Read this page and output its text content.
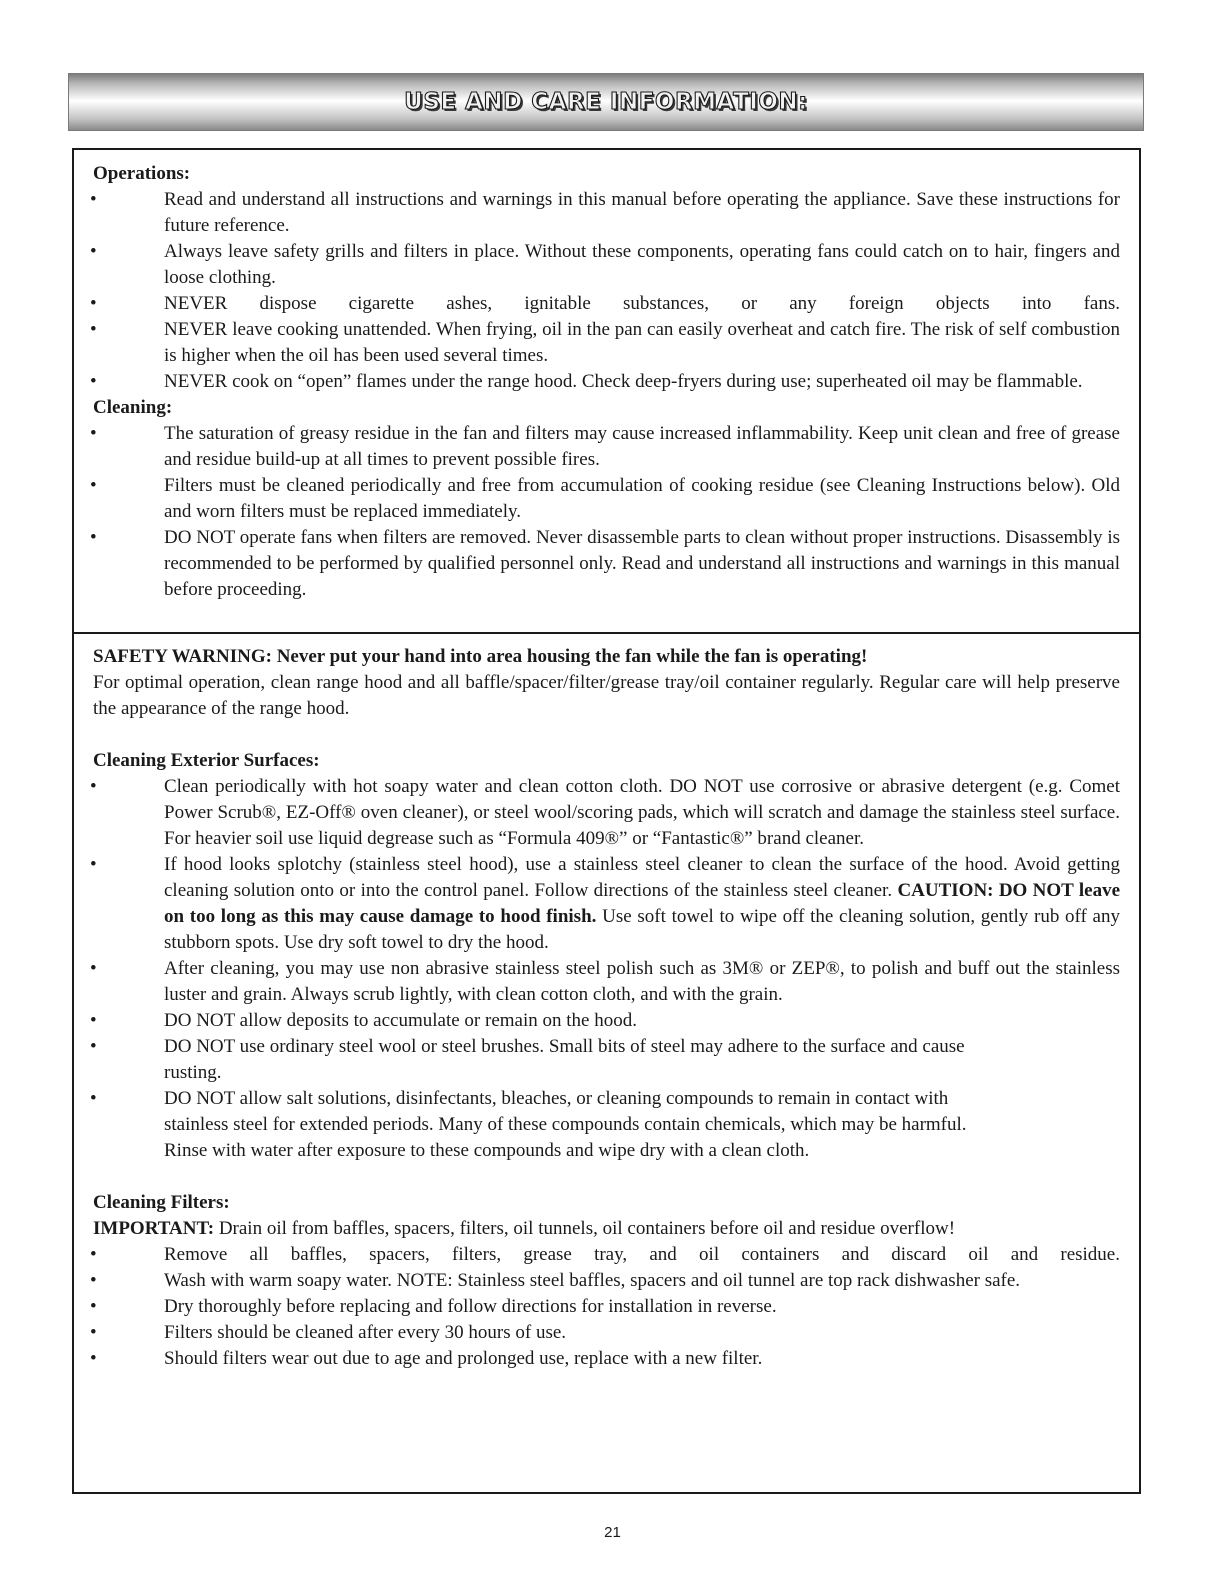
USE AND CARE INFORMATION:

Operations:

• Read and understand all instructions and warnings in this manual before operating the appliance. Save these instructions for future reference.
• Always leave safety grills and filters in place. Without these components, operating fans could catch on to hair, fingers and loose clothing.
• NEVER dispose cigarette ashes, ignitable substances, or any foreign objects into fans.
• NEVER leave cooking unattended. When frying, oil in the pan can easily overheat and catch fire. The risk of self combustion is higher when the oil has been used several times.
• NEVER cook on “open” flames under the range hood. Check deep-fryers during use; superheated oil may be flammable.

Cleaning:

• The saturation of greasy residue in the fan and filters may cause increased inflammability. Keep unit clean and free of grease and residue build-up at all times to prevent possible fires.
• Filters must be cleaned periodically and free from accumulation of cooking residue (see Cleaning Instructions below). Old and worn filters must be replaced immediately.
• DO NOT operate fans when filters are removed. Never disassemble parts to clean without proper instructions. Disassembly is recommended to be performed by qualified personnel only. Read and understand all instructions and warnings in this manual before proceeding.

SAFETY WARNING: Never put your hand into area housing the fan while the fan is operating!

For optimal operation, clean range hood and all baffle/spacer/filter/grease tray/oil container regularly. Regular care will help preserve the appearance of the range hood.

Cleaning Exterior Surfaces:

• Clean periodically with hot soapy water and clean cotton cloth. DO NOT use corrosive or abrasive detergent (e.g. Comet Power Scrub®, EZ-Off® oven cleaner), or steel wool/scoring pads, which will scratch and damage the stainless steel surface. For heavier soil use liquid degrease such as “Formula 409®” or “Fantastic®” brand cleaner.
• If hood looks splotchy (stainless steel hood), use a stainless steel cleaner to clean the surface of the hood. Avoid getting cleaning solution onto or into the control panel. Follow directions of the stainless steel cleaner. CAUTION: DO NOT leave on too long as this may cause damage to hood finish. Use soft towel to wipe off the cleaning solution, gently rub off any stubborn spots. Use dry soft towel to dry the hood.
• After cleaning, you may use non abrasive stainless steel polish such as 3M® or ZEP®, to polish and buff out the stainless luster and grain. Always scrub lightly, with clean cotton cloth, and with the grain.
• DO NOT allow deposits to accumulate or remain on the hood.
• DO NOT use ordinary steel wool or steel brushes. Small bits of steel may adhere to the surface and cause
rusting.
• DO NOT allow salt solutions, disinfectants, bleaches, or cleaning compounds to remain in contact with
stainless steel for extended periods. Many of these compounds contain chemicals, which may be harmful.
Rinse with water after exposure to these compounds and wipe dry with a clean cloth.

Cleaning Filters:

IMPORTANT: Drain oil from baffles, spacers, filters, oil tunnels, oil containers before oil and residue overflow!

• Remove all baffles, spacers, filters, grease tray, and oil containers and discard oil and residue.
• Wash with warm soapy water. NOTE: Stainless steel baffles, spacers and oil tunnel are top rack dishwasher safe.
• Dry thoroughly before replacing and follow directions for installation in reverse.
• Filters should be cleaned after every 30 hours of use.
• Should filters wear out due to age and prolonged use, replace with a new filter.
21
